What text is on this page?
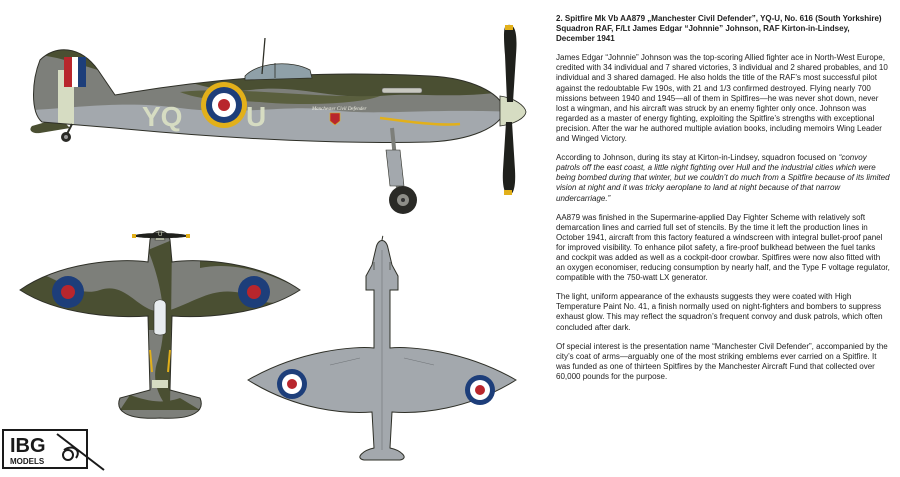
YQ U	Manchester Civil Defender
U
IBG
MODELS
2. Spitfire Mk Vb AA879 „Manchester Civil Defender”, YQ-U, No. 616 (South Yorkshire) Squadron RAF, F/Lt James Edgar “Johnnie” Johnson, RAF Kirton-in-Lindsey, December 1941

James Edgar “Johnnie” Johnson was the top-scoring Allied fighter ace in North-West Europe, credited with 34 individual and 7 shared victories, 3 individual and 2 shared probables, and 10 individual and 3 shared damaged. He also holds the title of the RAF’s most successful pilot against the redoubtable Fw 190s, with 21 and 1/3 confirmed destroyed. Flying nearly 700 missions between 1940 and 1945—all of them in Spitfires—he was never shot down, never lost a wingman, and his aircraft was struck by an enemy fighter only once. Johnson was regarded as a master of energy fighting, exploiting the Spitfire’s strengths with exceptional precision. After the war he authored multiple aviation books, including memoirs Wing Leader and Winged Victory.

According to Johnson, during its stay at Kirton-in-Lindsey, squadron focused on “convoy patrols off the east coast, a little night fighting over Hull and the industrial cities which were being bombed during that winter, but we couldn’t do much from a Spitfire because of its limited vision at night and it was tricky aeroplane to land at night because of that narrow undercarriage.”

AA879 was finished in the Supermarine-applied Day Fighter Scheme with relatively soft demarcation lines and carried full set of stencils. By the time it left the production lines in October 1941, aircraft from this factory featured a windscreen with integral bullet-proof panel for improved visibility. To enhance pilot safety, a fire-proof bulkhead between the fuel tanks and cockpit was added as well as a cockpit-door crowbar. Spitfires were now also fitted with an oxygen economiser, reducing consumption by nearly half, and the Type F voltage regulator, compatible with the 750-watt LX generator.

The light, uniform appearance of the exhausts suggests they were coated with High Temperature Paint No. 41, a finish normally used on night-fighters and bombers to suppress exhaust glow. This may reflect the squadron’s frequent convoy and dusk patrols, which often concluded after dark.

Of special interest is the presentation name “Manchester Civil Defender”, accompanied by the city’s coat of arms—arguably one of the most striking emblems ever carried on a Spitfire. It was funded as one of thirteen Spitfires by the Manchester Aircraft Fund that collected over 60,000 pounds for the purpose.
